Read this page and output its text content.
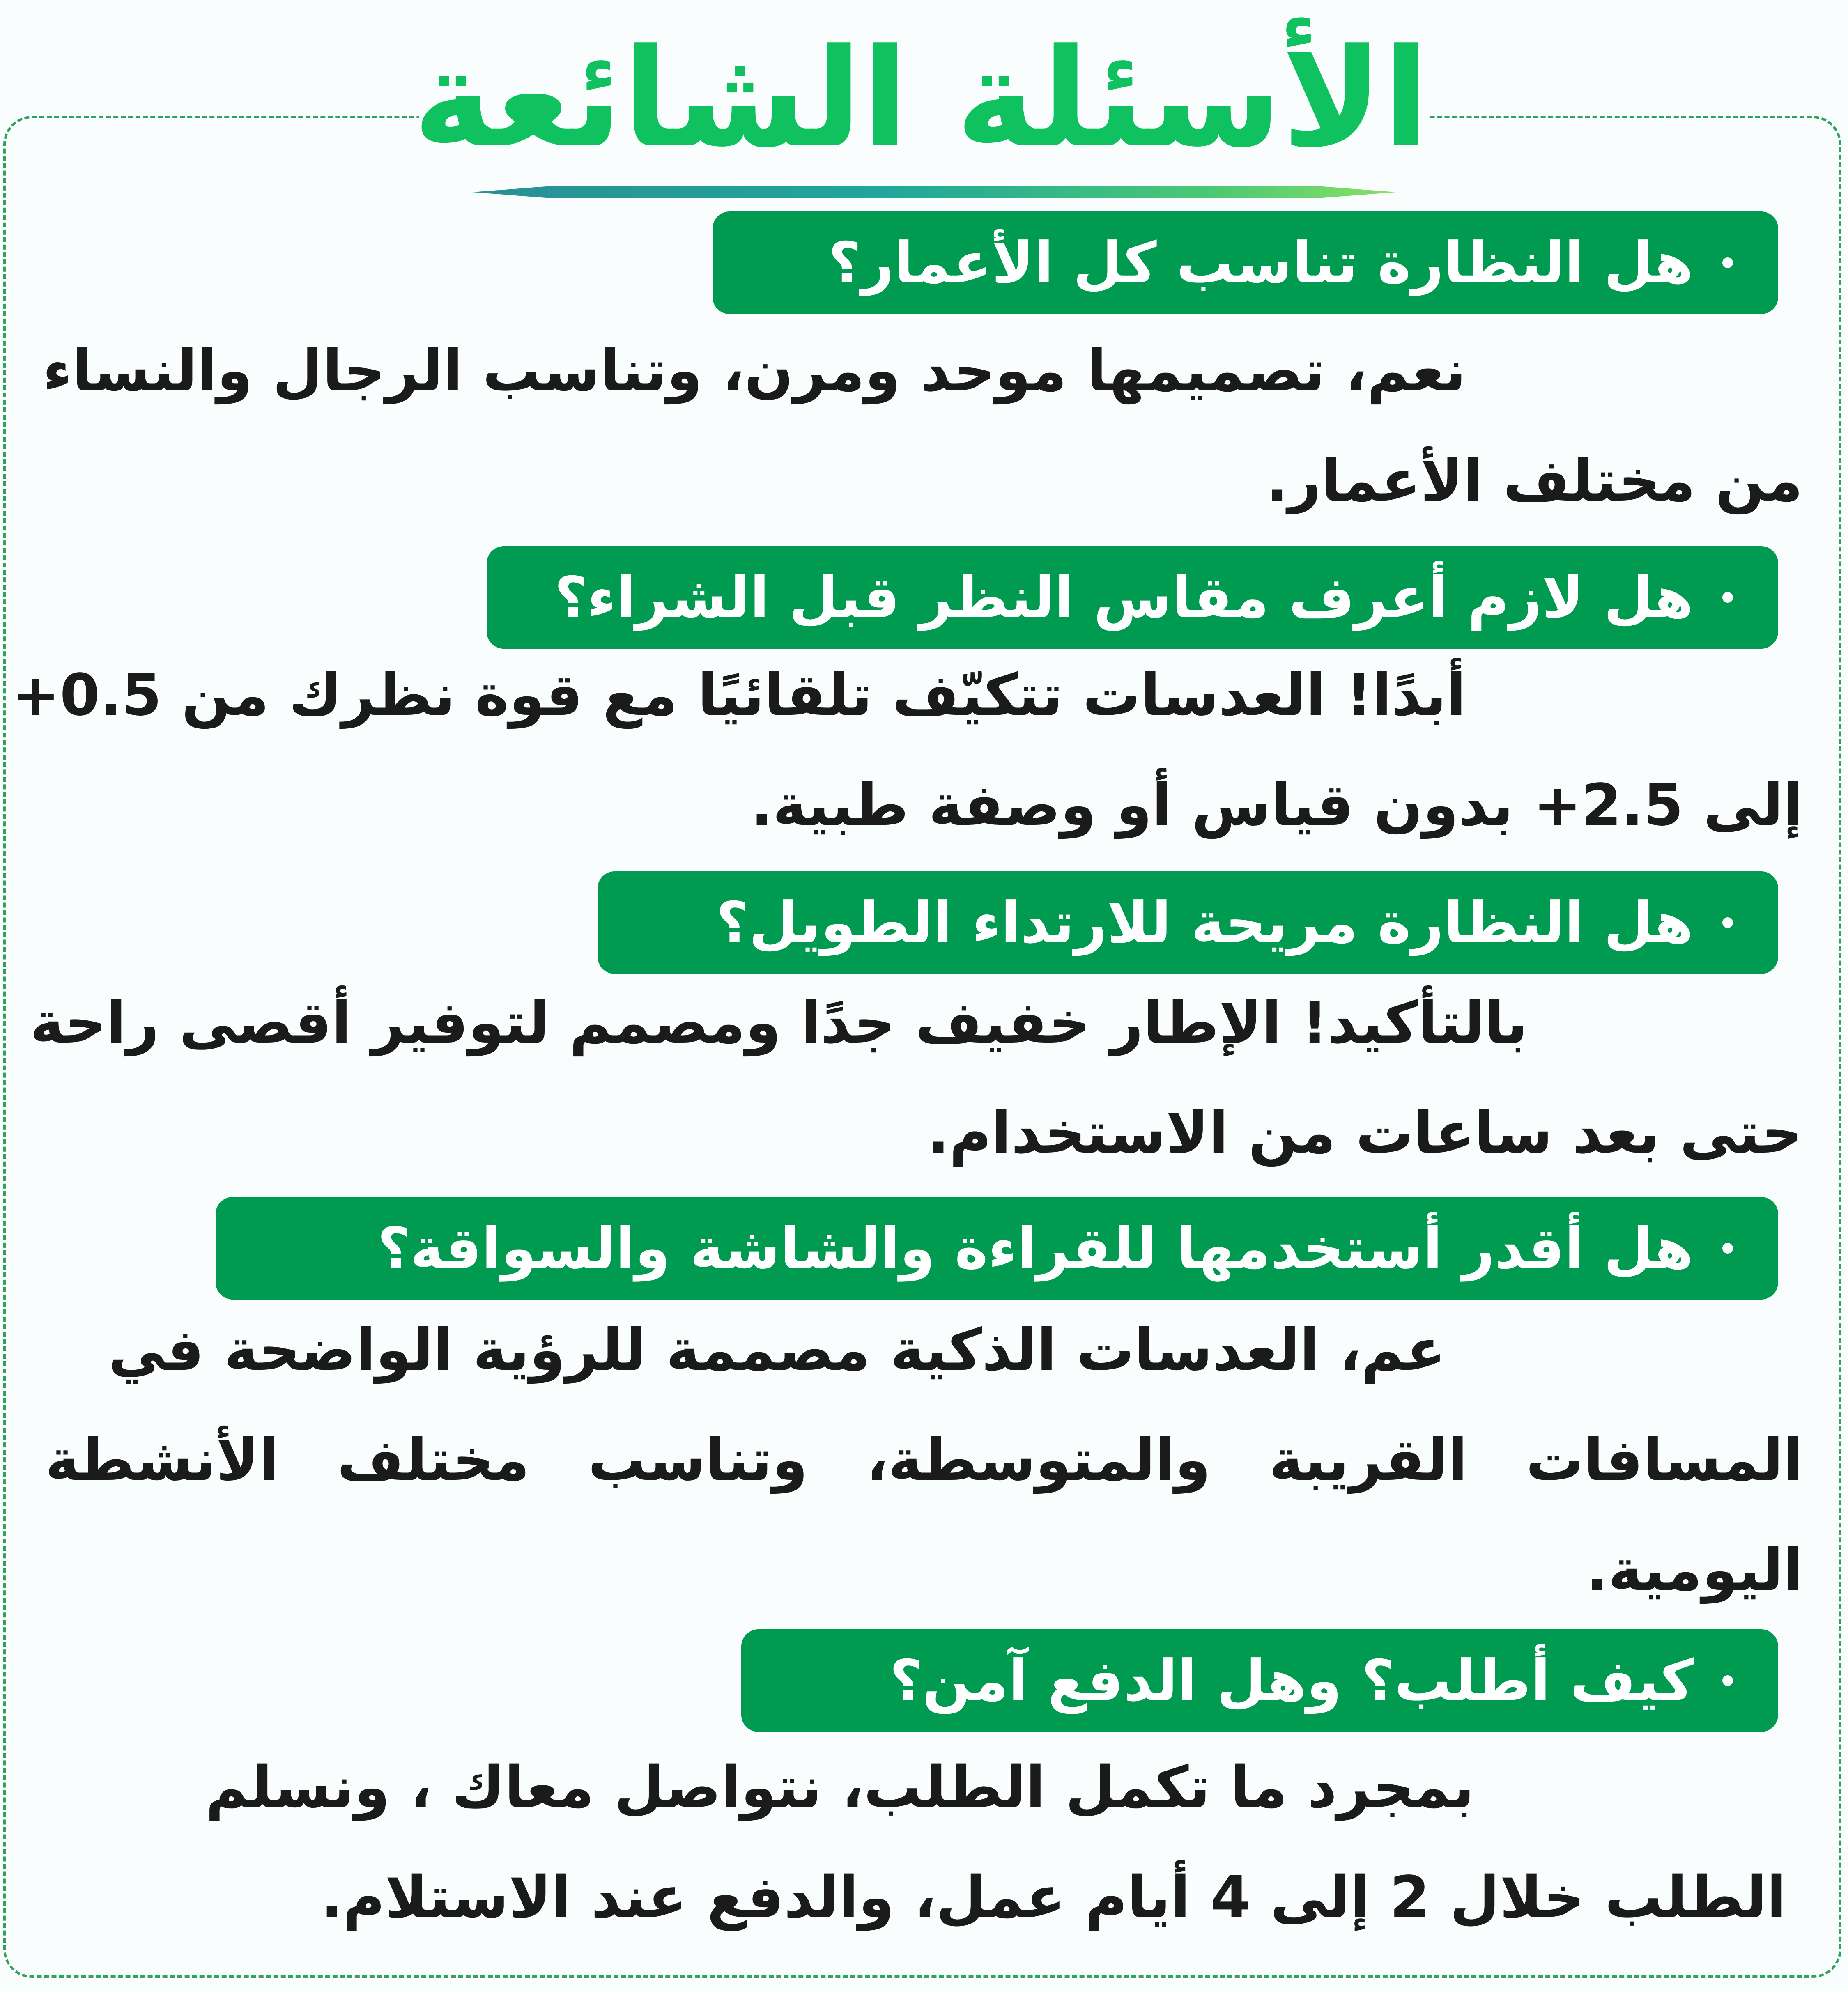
الأسئلة الشائعة
هل النظارة تناسب كل الأعمار؟
نعم، تصميمها موحد ومرن، وتناسب الرجال والنساء
من مختلف الأعمار.
هل لازم أعرف مقاس النظر قبل الشراء؟
أبدًا! العدسات تتكيّف تلقائيًا مع قوة نظرك من ‎+0.5‎
إلى ‎+2.5‎ بدون قياس أو وصفة طبية.
هل النظارة مريحة للارتداء الطويل؟
بالتأكيد! الإطار خفيف جدًا ومصمم لتوفير أقصى راحة
حتى بعد ساعات من الاستخدام.
هل أقدر أستخدمها للقراءة والشاشة والسواقة؟
عم، العدسات الذكية مصممة للرؤية الواضحة في
المسافات القريبة والمتوسطة، وتناسب مختلف الأنشطة
اليومية.
كيف أطلب؟ وهل الدفع آمن؟
بمجرد ما تكمل الطلب، نتواصل معاك ، ونسلم
الطلب خلال 2 إلى 4 أيام عمل، والدفع عند الاستلام.
